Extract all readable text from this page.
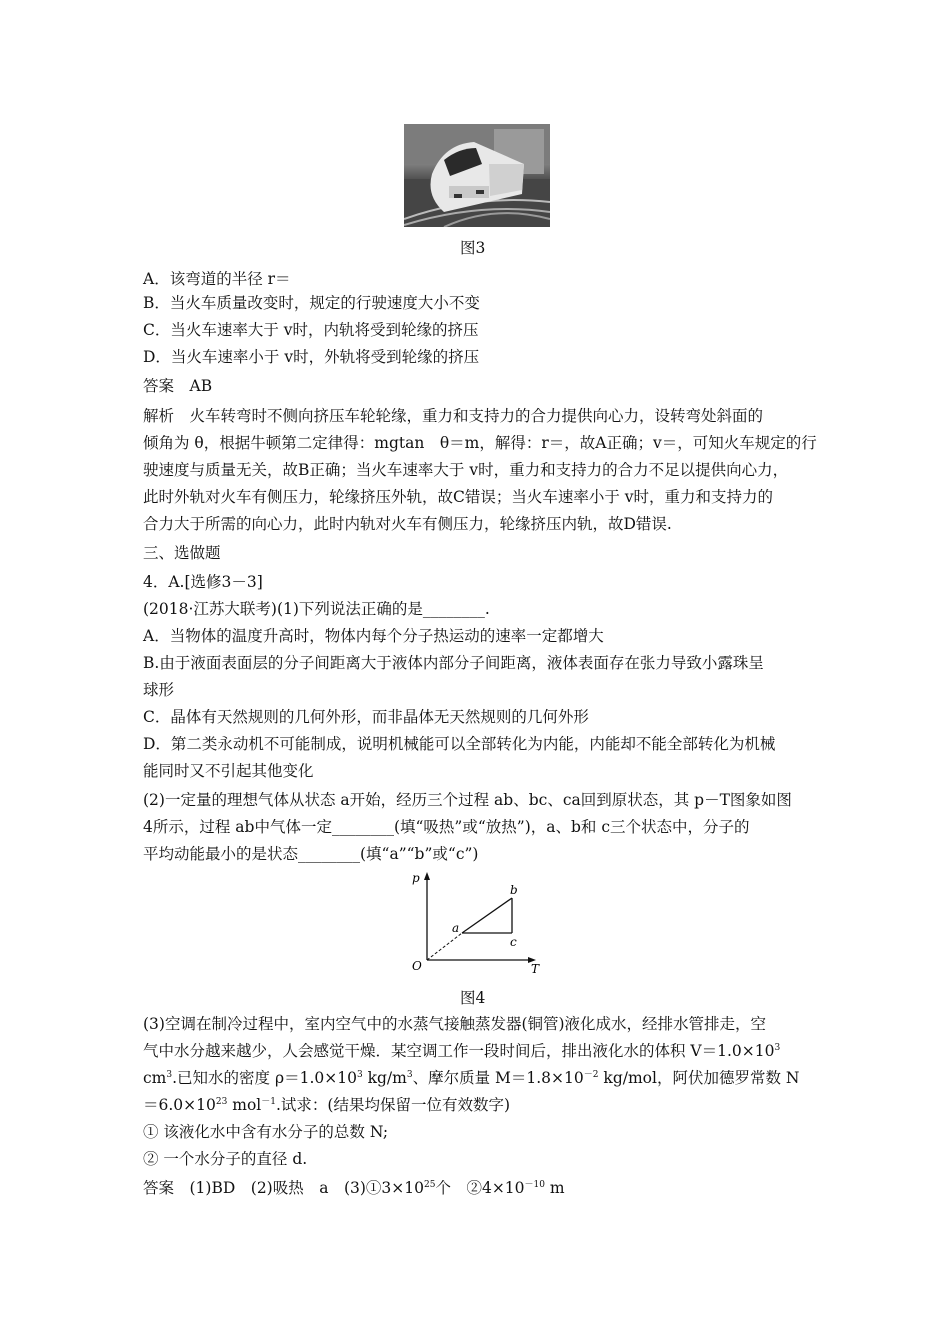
图3
A．该弯道的半径 r＝
B．当火车质量改变时，规定的行驶速度大小不变
C．当火车速率大于 v时，内轨将受到轮缘的挤压
D．当火车速率小于 v时，外轨将受到轮缘的挤压
答案　AB
解析　火车转弯时不侧向挤压车轮轮缘，重力和支持力的合力提供向心力，设转弯处斜面的
倾角为 θ，根据牛顿第二定律得：mgtan　θ＝m，解得：r＝，故A正确；v＝，可知火车规定的行
驶速度与质量无关，故B正确；当火车速率大于 v时，重力和支持力的合力不足以提供向心力，
此时外轨对火车有侧压力，轮缘挤压外轨，故C错误；当火车速率小于 v时，重力和支持力的
合力大于所需的向心力，此时内轨对火车有侧压力，轮缘挤压内轨，故D错误.
三、选做题
4．A.[选修3－3]
(2018·江苏大联考)(1)下列说法正确的是________.
A．当物体的温度升高时，物体内每个分子热运动的速率一定都增大
B.由于液面表面层的分子间距离大于液体内部分子间距离，液体表面存在张力导致小露珠呈
球形
C．晶体有天然规则的几何外形，而非晶体无天然规则的几何外形
D．第二类永动机不可能制成，说明机械能可以全部转化为内能，内能却不能全部转化为机械
能同时又不引起其他变化
(2)一定量的理想气体从状态 a开始，经历三个过程 ab、bc、ca回到原状态，其 p－T图象如图
4所示，过程 ab中气体一定________(填“吸热”或“放热”)，a、b和 c三个状态中，分子的
平均动能最小的是状态________(填“a”“b”或“c”)
p
T
O
a
b
c
图4
(3)空调在制冷过程中，室内空气中的水蒸气接触蒸发器(铜管)液化成水，经排水管排走，空
气中水分越来越少，人会感觉干燥．某空调工作一段时间后，排出液化水的体积 $V=1.0\times 10^3$
$cm^3$.已知水的密度 $\rho=1.0\times 10^3$ $kg/m^3$、摩尔质量 $M=1.8\times 10^{-2}$ kg/mol，阿伏加德罗常数 N
$=6.0\times 10^{23}$ mol$^{-1}$.试求：(结果均保留一位有效数字)
① 该液化水中含有水分子的总数 N;
② 一个水分子的直径 d.
答案　(1)BD　(2)吸热　a　$(3)①3\times 10^{25}$个　$②4\times 10^{-10}$ m
